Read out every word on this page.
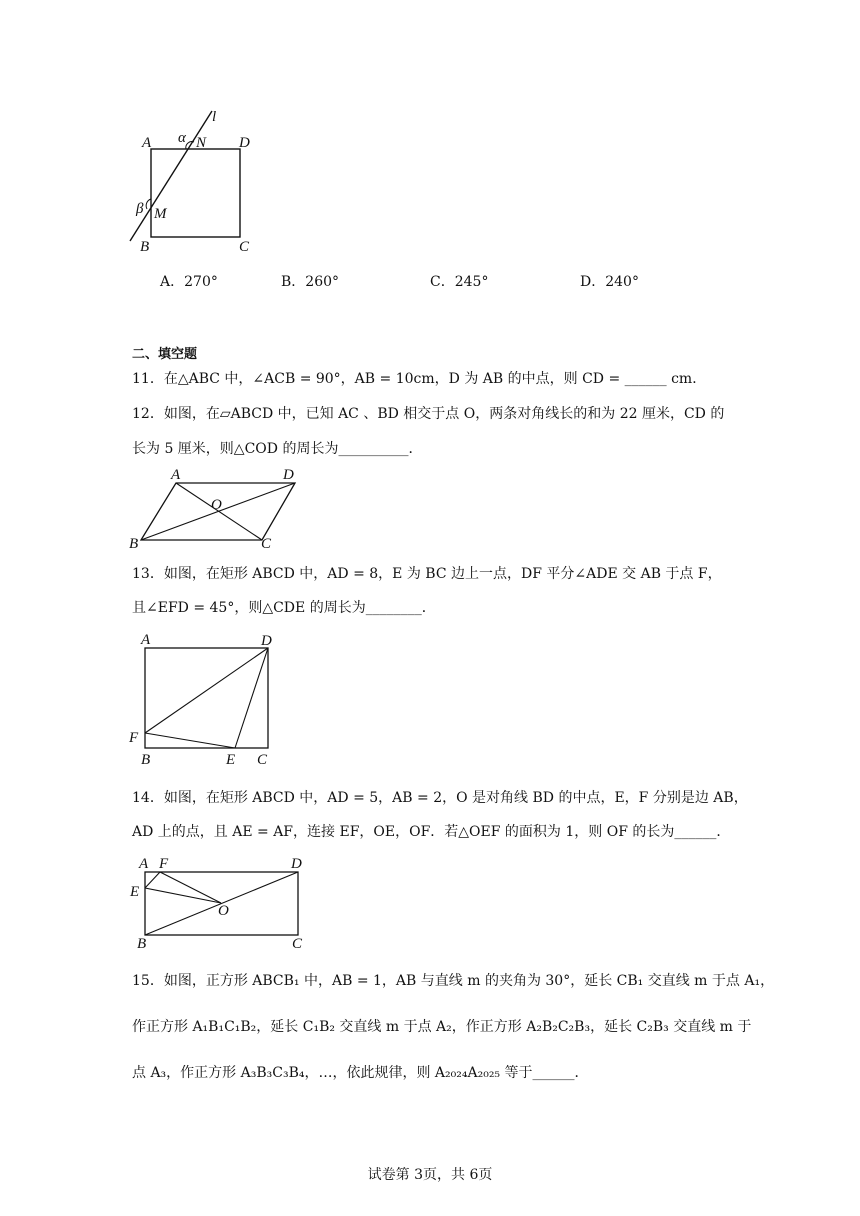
A	D
B	C
N
M
l
α
β
A．270°	B．260°	C．245°	D．240°
二、填空题
11．在△ABC 中，∠ACB = 90°，AB = 10cm，D 为 AB 的中点，则 CD = ______ cm．
12．如图，在▱ABCD 中，已知 AC 、BD 相交于点 O，两条对角线长的和为 22 厘米，CD 的
长为 5 厘米，则△COD 的周长为__________．
A	D
O
B	C
13．如图，在矩形 ABCD 中，AD = 8，E 为 BC 边上一点，DF 平分∠ADE 交 AB 于点 F，
且∠EFD = 45°，则△CDE 的周长为________．
A	D
F
B	E C
14．如图，在矩形 ABCD 中，AD = 5，AB = 2，O 是对角线 BD 的中点，E，F 分别是边 AB，
AD 上的点，且 AE = AF，连接 EF，OE，OF．若△OEF 的面积为 1，则 OF 的长为______．
A F	D
E
O
B	C
15．如图，正方形 ABCB₁ 中，AB = 1，AB 与直线 m 的夹角为 30°，延长 CB₁ 交直线 m 于点 A₁，
作正方形 A₁B₁C₁B₂，延长 C₁B₂ 交直线 m 于点 A₂，作正方形 A₂B₂C₂B₃，延长 C₂B₃ 交直线 m 于
点 A₃，作正方形 A₃B₃C₃B₄，…，依此规律，则 A₂₀₂₄A₂₀₂₅ 等于______．
试卷第 3页，共 6页
